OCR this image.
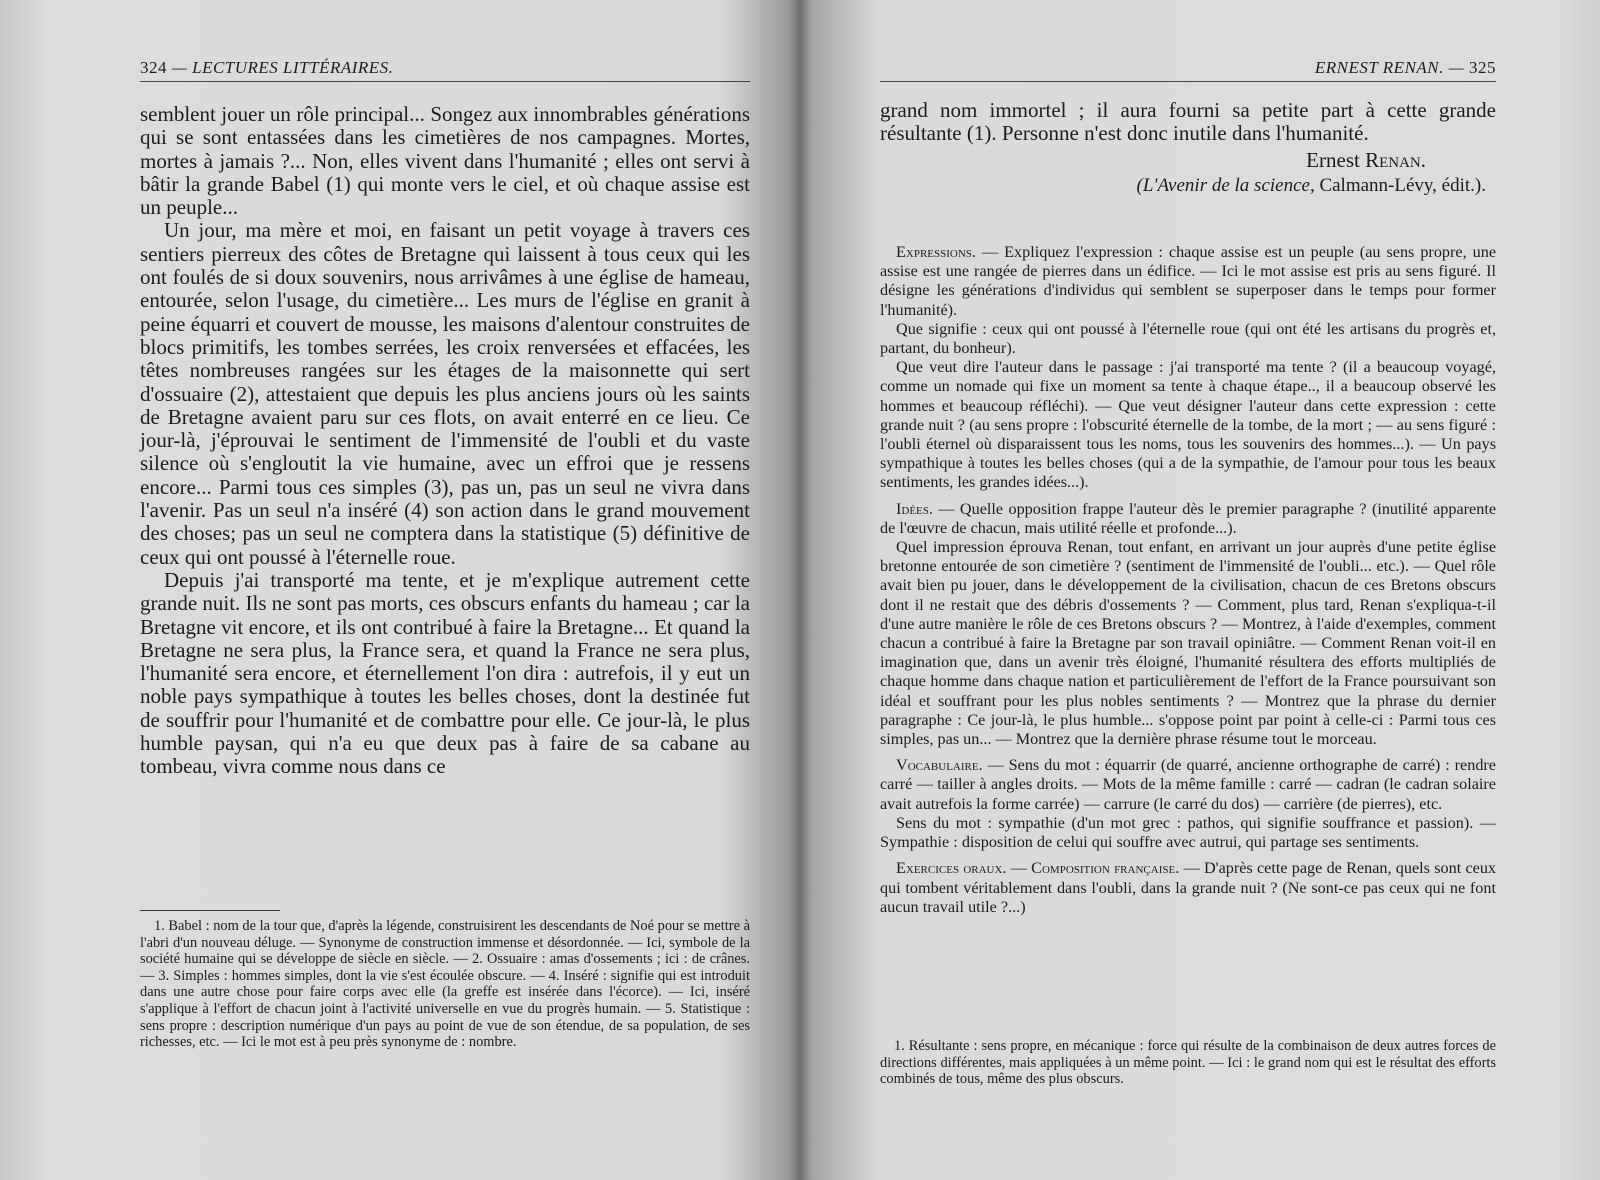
324 — LECTURES LITTÉRAIRES.

semblent jouer un rôle principal... Songez aux innombrables générations qui se sont entassées dans les cimetières de nos campagnes. Mortes, mortes à jamais ?... Non, elles vivent dans l'humanité ; elles ont servi à bâtir la grande Babel (1) qui monte vers le ciel, et où chaque assise est un peuple...

Un jour, ma mère et moi, en faisant un petit voyage à travers ces sentiers pierreux des côtes de Bretagne qui laissent à tous ceux qui les ont foulés de si doux souvenirs, nous arrivâmes à une église de hameau, entourée, selon l'usage, du cimetière... Les murs de l'église en granit à peine équarri et couvert de mousse, les maisons d'alentour construites de blocs primitifs, les tombes serrées, les croix renversées et effacées, les têtes nombreuses rangées sur les étages de la maisonnette qui sert d'ossuaire (2), attestaient que depuis les plus anciens jours où les saints de Bretagne avaient paru sur ces flots, on avait enterré en ce lieu. Ce jour-là, j'éprouvai le sentiment de l'immensité de l'oubli et du vaste silence où s'engloutit la vie humaine, avec un effroi que je ressens encore... Parmi tous ces simples (3), pas un, pas un seul ne vivra dans l'avenir. Pas un seul n'a inséré (4) son action dans le grand mouvement des choses; pas un seul ne comptera dans la statistique (5) définitive de ceux qui ont poussé à l'éternelle roue.

Depuis j'ai transporté ma tente, et je m'explique autrement cette grande nuit. Ils ne sont pas morts, ces obscurs enfants du hameau ; car la Bretagne vit encore, et ils ont contribué à faire la Bretagne... Et quand la Bretagne ne sera plus, la France sera, et quand la France ne sera plus, l'humanité sera encore, et éternellement l'on dira : autrefois, il y eut un noble pays sympathique à toutes les belles choses, dont la destinée fut de souffrir pour l'humanité et de combattre pour elle. Ce jour-là, le plus humble paysan, qui n'a eu que deux pas à faire de sa cabane au tombeau, vivra comme nous dans ce

1. Babel : nom de la tour que, d'après la légende, construisirent les descendants de Noé pour se mettre à l'abri d'un nouveau déluge. — Synonyme de construction immense et désordonnée. — Ici, symbole de la société humaine qui se développe de siècle en siècle. — 2. Ossuaire : amas d'ossements ; ici : de crânes. — 3. Simples : hommes simples, dont la vie s'est écoulée obscure. — 4. Inséré : signifie qui est introduit dans une autre chose pour faire corps avec elle (la greffe est insérée dans l'écorce). — Ici, inséré s'applique à l'effort de chacun joint à l'activité universelle en vue du progrès humain. — 5. Statistique : sens propre : description numérique d'un pays au point de vue de son étendue, de sa population, de ses richesses, etc. — Ici le mot est à peu près synonyme de : nombre.

ERNEST RENAN. — 325

grand nom immortel ; il aura fourni sa petite part à cette grande résultante (1). Personne n'est donc inutile dans l'humanité.

Ernest Renan.
(L'Avenir de la science, Calmann-Lévy, édit.).

Expressions. — Expliquez l'expression : chaque assise est un peuple (au sens propre, une assise est une rangée de pierres dans un édifice. — Ici le mot assise est pris au sens figuré. Il désigne les générations d'individus qui semblent se superposer dans le temps pour former l'humanité).

Que signifie : ceux qui ont poussé à l'éternelle roue (qui ont été les artisans du progrès et, partant, du bonheur).

Que veut dire l'auteur dans le passage : j'ai transporté ma tente ? (il a beaucoup voyagé, comme un nomade qui fixe un moment sa tente à chaque étape.., il a beaucoup observé les hommes et beaucoup réfléchi). — Que veut désigner l'auteur dans cette expression : cette grande nuit ? (au sens propre : l'obscurité éternelle de la tombe, de la mort ; — au sens figuré : l'oubli éternel où disparaissent tous les noms, tous les souvenirs des hommes...). — Un pays sympathique à toutes les belles choses (qui a de la sympathie, de l'amour pour tous les beaux sentiments, les grandes idées...).

Idées. — Quelle opposition frappe l'auteur dès le premier paragraphe ? (inutilité apparente de l'œuvre de chacun, mais utilité réelle et profonde...).

Quel impression éprouva Renan, tout enfant, en arrivant un jour auprès d'une petite église bretonne entourée de son cimetière ? (sentiment de l'immensité de l'oubli... etc.). — Quel rôle avait bien pu jouer, dans le développement de la civilisation, chacun de ces Bretons obscurs dont il ne restait que des débris d'ossements ? — Comment, plus tard, Renan s'expliqua-t-il d'une autre manière le rôle de ces Bretons obscurs ? — Montrez, à l'aide d'exemples, comment chacun a contribué à faire la Bretagne par son travail opiniâtre. — Comment Renan voit-il en imagination que, dans un avenir très éloigné, l'humanité résultera des efforts multipliés de chaque homme dans chaque nation et particulièrement de l'effort de la France poursuivant son idéal et souffrant pour les plus nobles sentiments ? — Montrez que la phrase du dernier paragraphe : Ce jour-là, le plus humble... s'oppose point par point à celle-ci : Parmi tous ces simples, pas un... — Montrez que la dernière phrase résume tout le morceau.

Vocabulaire. — Sens du mot : équarrir (de quarré, ancienne orthographe de carré) : rendre carré — tailler à angles droits. — Mots de la même famille : carré — cadran (le cadran solaire avait autrefois la forme carrée) — carrure (le carré du dos) — carrière (de pierres), etc.

Sens du mot : sympathie (d'un mot grec : pathos, qui signifie souffrance et passion). — Sympathie : disposition de celui qui souffre avec autrui, qui partage ses sentiments.

Exercices oraux. — Composition française. — D'après cette page de Renan, quels sont ceux qui tombent véritablement dans l'oubli, dans la grande nuit ? (Ne sont-ce pas ceux qui ne font aucun travail utile ?...)

1. Résultante : sens propre, en mécanique : force qui résulte de la combinaison de deux autres forces de directions différentes, mais appliquées à un même point. — Ici : le grand nom qui est le résultat des efforts combinés de tous, même des plus obscurs.
